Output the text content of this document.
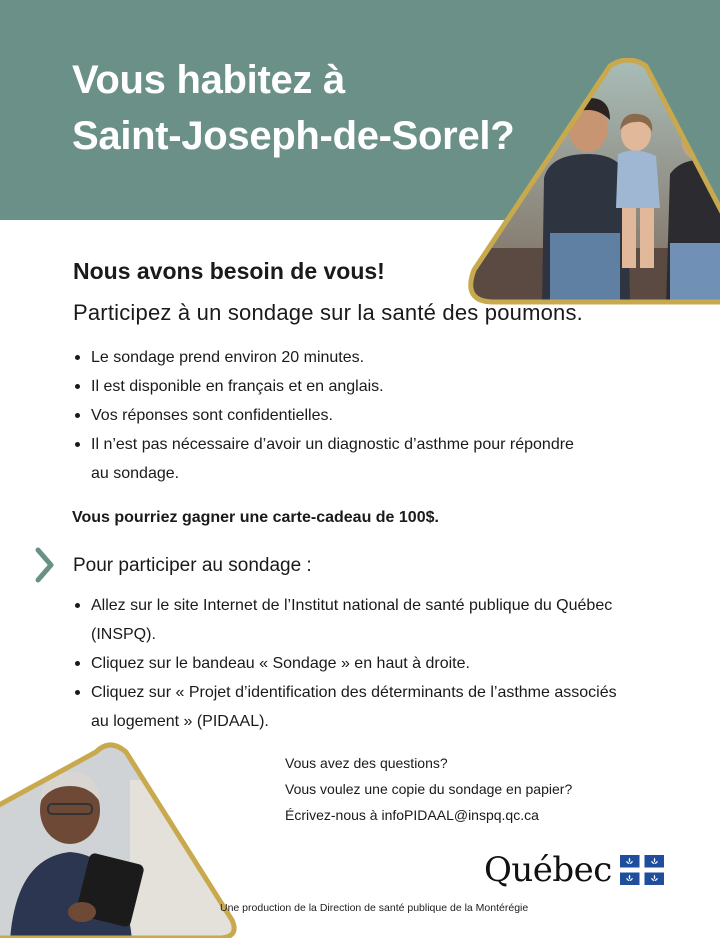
Vous habitez à
Saint-Joseph-de-Sorel?
Nous avons besoin de vous!

Participez à un sondage sur la santé des poumons.

Le sondage prend environ 20 minutes.
Il est disponible en français et en anglais.
Vos réponses sont confidentielles.
Il n’est pas nécessaire d’avoir un diagnostic d’asthme pour répondre au sondage.

Vous pourriez gagner une carte-cadeau de 100$.

Pour participer au sondage :

Allez sur le site Internet de l’Institut national de santé publique du Québec (INSPQ).
Cliquez sur le bandeau « Sondage » en haut à droite.
Cliquez sur « Projet d’identification des déterminants de l’asthme associés au logement » (PIDAAL).

Vous avez des questions?

Vous voulez une copie du sondage en papier?

Écrivez-nous à infoPIDAAL@inspq.qc.ca

Québec

Une production de la Direction de santé publique de la Montérégie
